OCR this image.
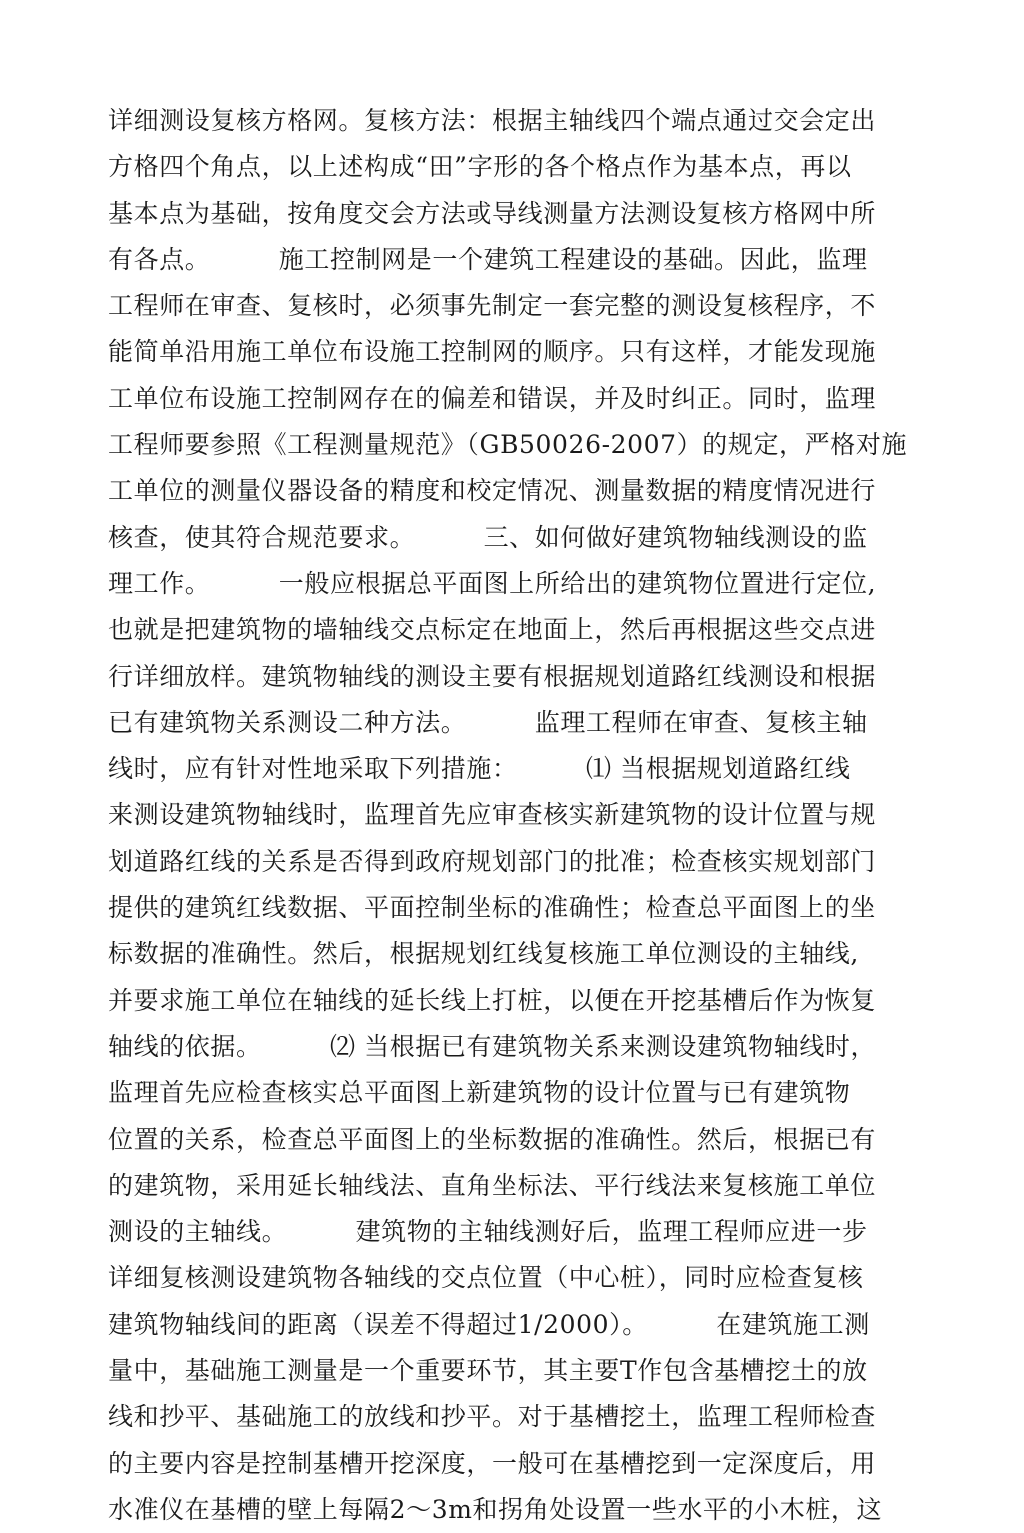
详细测设复核方格网。复核方法：根据主轴线四个端点通过交会定出
方格四个角点，以上述构成“田”字形的各个格点作为基本点，再以
基本点为基础，按角度交会方法或导线测量方法测设复核方格网中所
有各点。        施工控制网是一个建筑工程建设的基础。因此，监理
工程师在审查、复核时，必须事先制定一套完整的测设复核程序，不
能简单沿用施工单位布设施工控制网的顺序。只有这样，才能发现施
工单位布设施工控制网存在的偏差和错误，并及时纠正。同时，监理
工程师要参照《工程测量规范》（GB50026-2007）的规定，严格对施
工单位的测量仪器设备的精度和校定情况、测量数据的精度情况进行
核查，使其符合规范要求。        三、如何做好建筑物轴线测设的监
理工作。        一般应根据总平面图上所给出的建筑物位置进行定位,
也就是把建筑物的墙轴线交点标定在地面上，然后再根据这些交点进
行详细放样。建筑物轴线的测设主要有根据规划道路红线测设和根据
已有建筑物关系测设二种方法。        监理工程师在审查、复核主轴
线时，应有针对性地采取下列措施：        ⑴ 当根据规划道路红线
来测设建筑物轴线时，监理首先应审查核实新建筑物的设计位置与规
划道路红线的关系是否得到政府规划部门的批准；检查核实规划部门
提供的建筑红线数据、平面控制坐标的准确性；检查总平面图上的坐
标数据的准确性。然后，根据规划红线复核施工单位测设的主轴线,
并要求施工单位在轴线的延长线上打桩，以便在开挖基槽后作为恢复
轴线的依据。        ⑵ 当根据已有建筑物关系来测设建筑物轴线时，
监理首先应检查核实总平面图上新建筑物的设计位置与已有建筑物
位置的关系，检查总平面图上的坐标数据的准确性。然后，根据已有
的建筑物，采用延长轴线法、直角坐标法、平行线法来复核施工单位
测设的主轴线。        建筑物的主轴线测好后，监理工程师应进一步
详细复核测设建筑物各轴线的交点位置（中心桩），同时应检查复核
建筑物轴线间的距离（误差不得超过1/2000）。        在建筑施工测
量中，基础施工测量是一个重要环节，其主要T作包含基槽挖土的放
线和抄平、基础施工的放线和抄平。对于基槽挖土，监理工程师检查
的主要内容是控制基槽开挖深度，一般可在基槽挖到一定深度后，用
水准仪在基槽的壁上每隔2～3m和拐角处设置一些水平的小木桩，这
